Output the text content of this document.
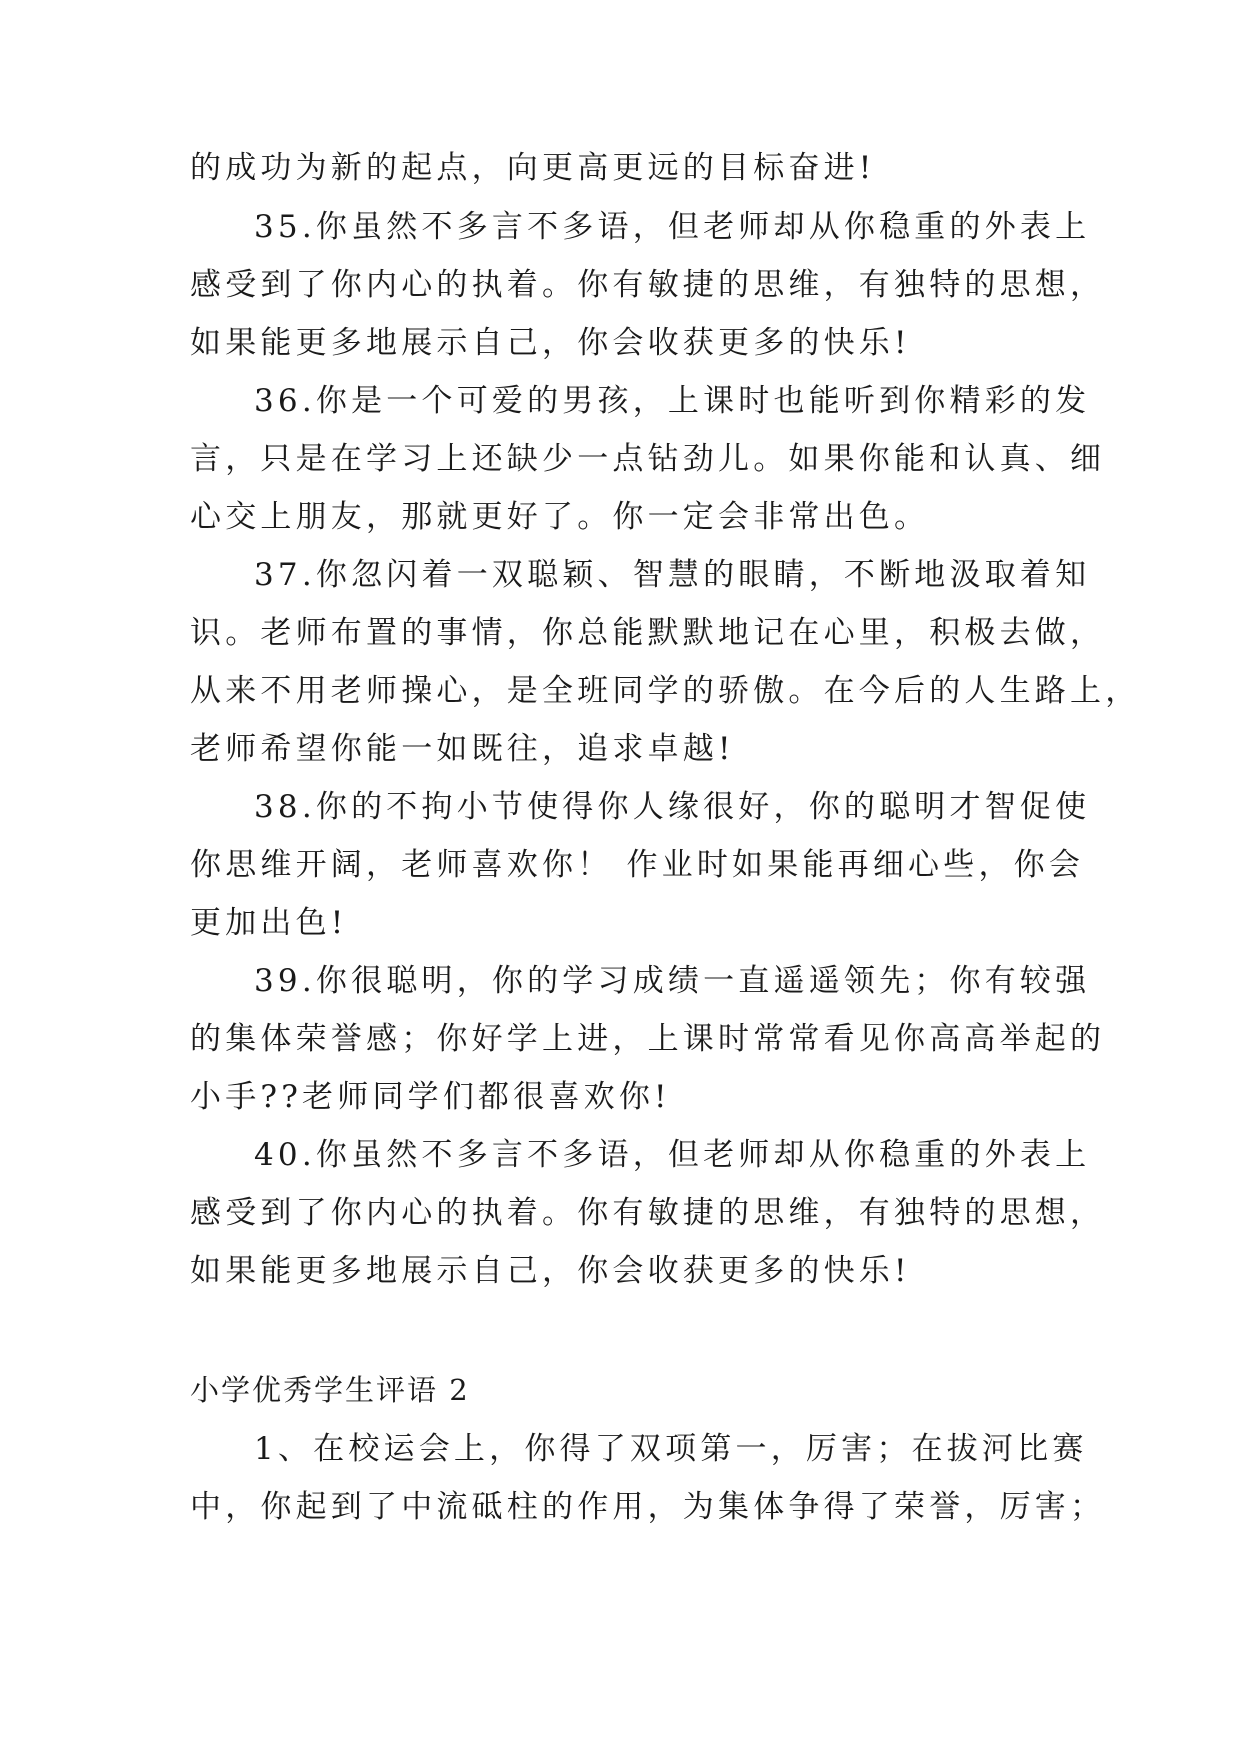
的成功为新的起点，向更高更远的目标奋进!
35.你虽然不多言不多语，但老师却从你稳重的外表上
感受到了你内心的执着。你有敏捷的思维，有独特的思想，
如果能更多地展示自己，你会收获更多的快乐!
36.你是一个可爱的男孩，上课时也能听到你精彩的发
言，只是在学习上还缺少一点钻劲儿。如果你能和认真、细
心交上朋友，那就更好了。你一定会非常出色。
37.你忽闪着一双聪颖、智慧的眼睛，不断地汲取着知
识。老师布置的事情，你总能默默地记在心里，积极去做，
从来不用老师操心，是全班同学的骄傲。在今后的人生路上，
老师希望你能一如既往，追求卓越!
38.你的不拘小节使得你人缘很好，你的聪明才智促使
你思维开阔，老师喜欢你！ 作业时如果能再细心些，你会
更加出色!
39.你很聪明，你的学习成绩一直遥遥领先；你有较强
的集体荣誉感；你好学上进，上课时常常看见你高高举起的
小手??老师同学们都很喜欢你!
40.你虽然不多言不多语，但老师却从你稳重的外表上
感受到了你内心的执着。你有敏捷的思维，有独特的思想，
如果能更多地展示自己，你会收获更多的快乐!
小学优秀学生评语 2
1、在校运会上，你得了双项第一，厉害；在拔河比赛
中，你起到了中流砥柱的作用，为集体争得了荣誉，厉害；
